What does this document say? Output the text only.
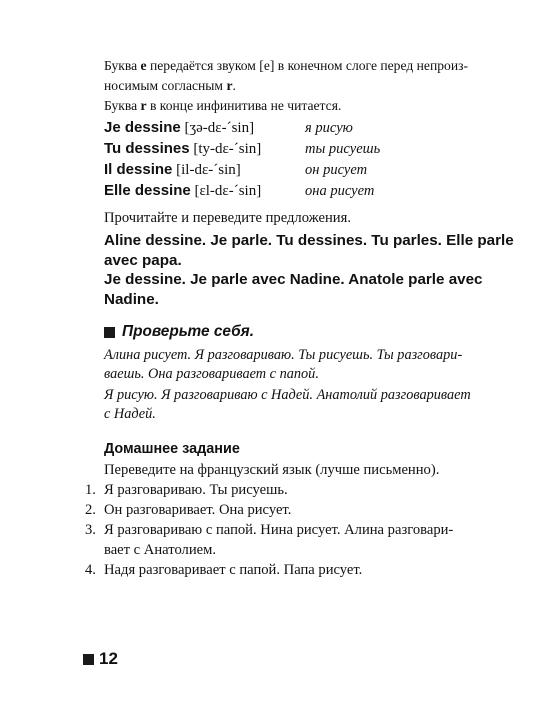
Буква e передаётся звуком [e] в конечном слоге перед непроиз-
носимым согласным r.
Буква r в конце инфинитива не читается.
Je dessine [ʒə-dɛ-ˊsin]	я рисую
Tu dessines [ty-dɛ-ˊsin]	ты рисуешь
Il dessine [il-dɛ-ˊsin]	он рисует
Elle dessine [ɛl-dɛ-ˊsin]	она рисует
Прочитайте и переведите предложения.
Aline dessine. Je parle. Tu dessines. Tu parles. Elle parle
avec papa.
Je dessine. Je parle avec Nadine. Anatole parle avec
Nadine.
Проверьте себя.
Алина рисует. Я разговариваю. Ты рисуешь. Ты разговари-
ваешь. Она разговаривает с папой.
Я рисую. Я разговариваю с Надей. Анатолий разговаривает
с Надей.
Домашнее задание
Переведите на французский язык (лучше письменно).
1. Я разговариваю. Ты рисуешь.
2. Он разговаривает. Она рисует.
3. Я разговариваю с папой. Нина рисует. Алина разговари-
вает с Анатолием.
4. Надя разговаривает с папой. Папа рисует.
12
